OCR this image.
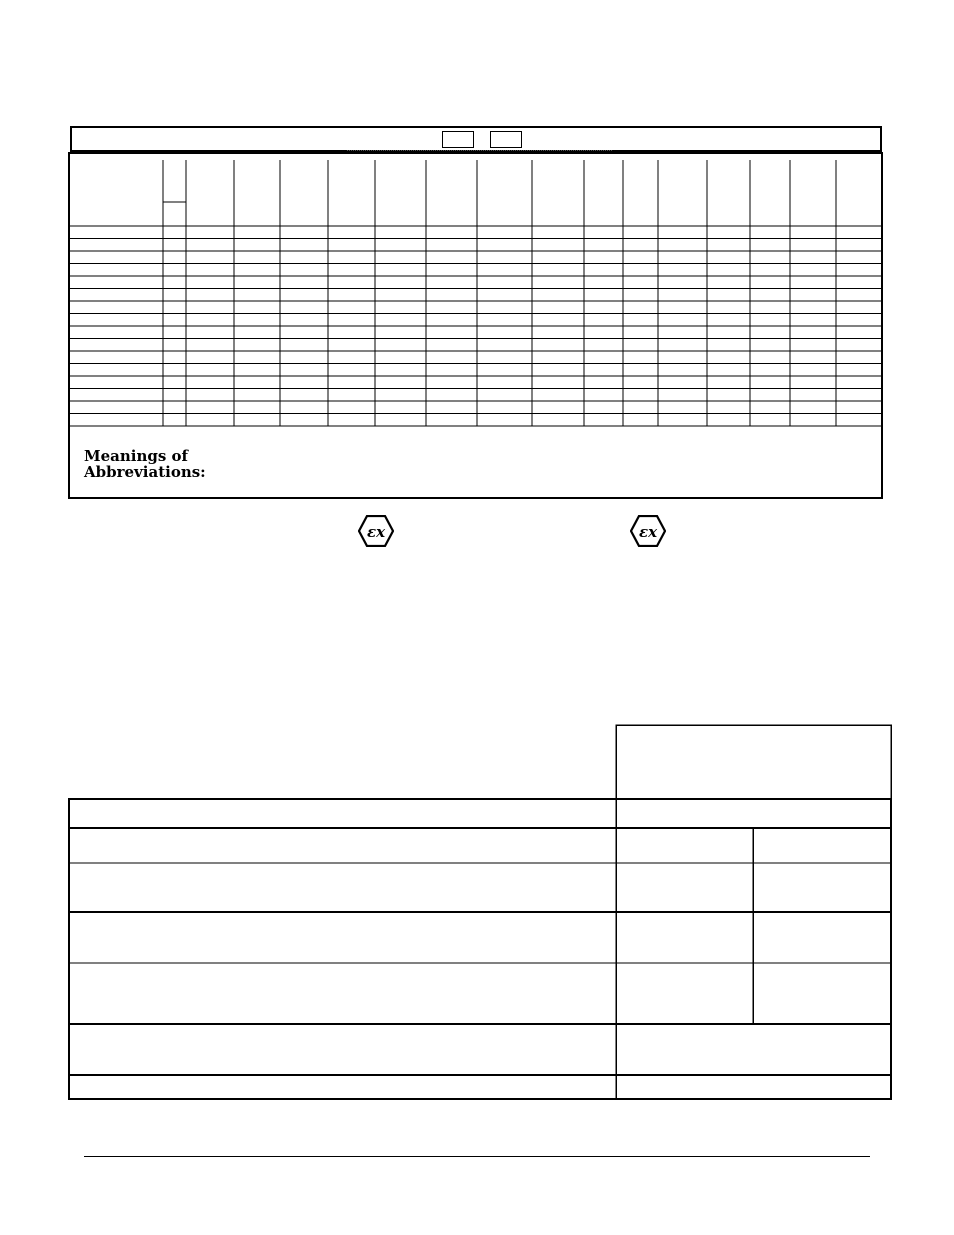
Meanings of
Abbreviations:
εx	εx
